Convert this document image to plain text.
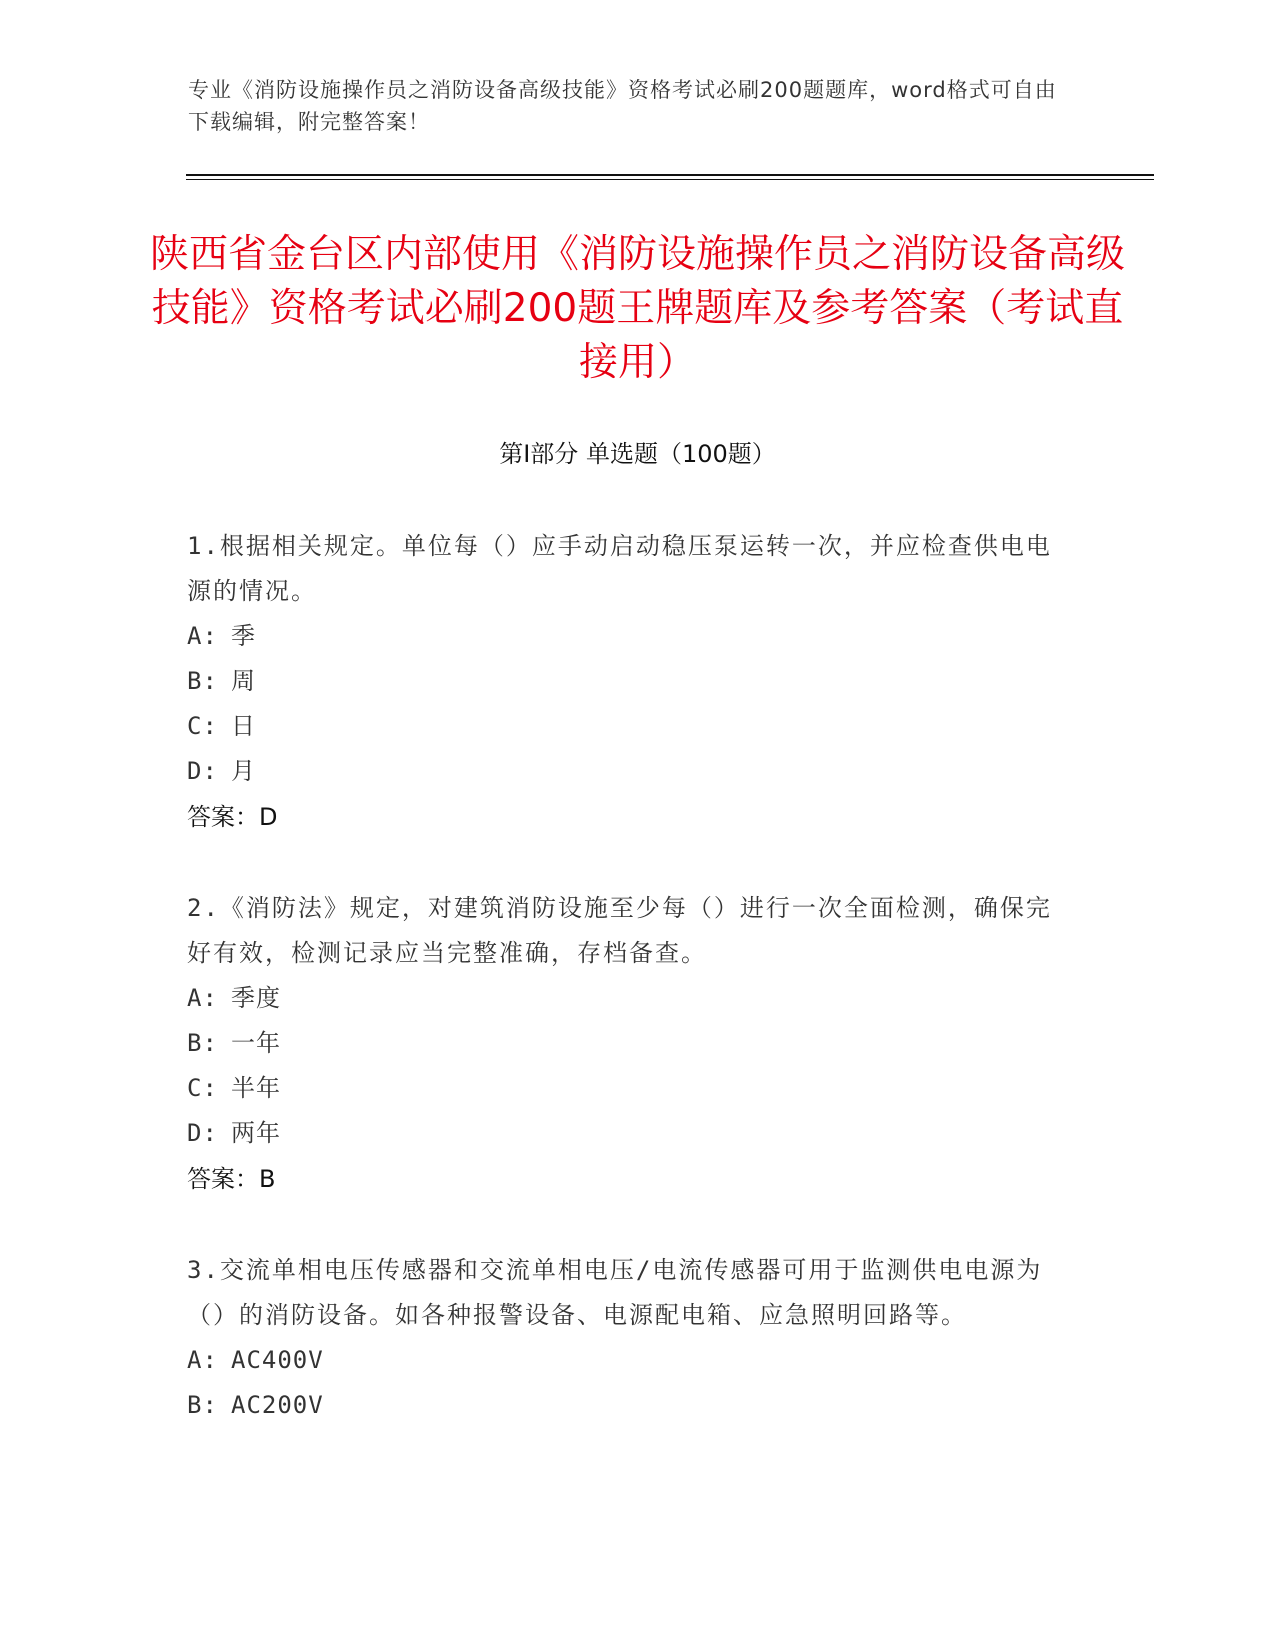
专业《消防设施操作员之消防设备高级技能》资格考试必刷200题题库，word格式可自由下载编辑，附完整答案！
陕西省金台区内部使用《消防设施操作员之消防设备高级技能》资格考试必刷200题王牌题库及参考答案（考试直接用）
第I部分 单选题（100题）
1.根据相关规定。单位每（）应手动启动稳压泵运转一次，并应检查供电电源的情况。
A: 季
B: 周
C: 日
D: 月
答案：D
2.《消防法》规定，对建筑消防设施至少每（）进行一次全面检测，确保完好有效，检测记录应当完整准确，存档备查。
A: 季度
B: 一年
C: 半年
D: 两年
答案：B
3.交流单相电压传感器和交流单相电压/电流传感器可用于监测供电电源为（）的消防设备。如各种报警设备、电源配电箱、应急照明回路等。
A: AC400V
B: AC200V
